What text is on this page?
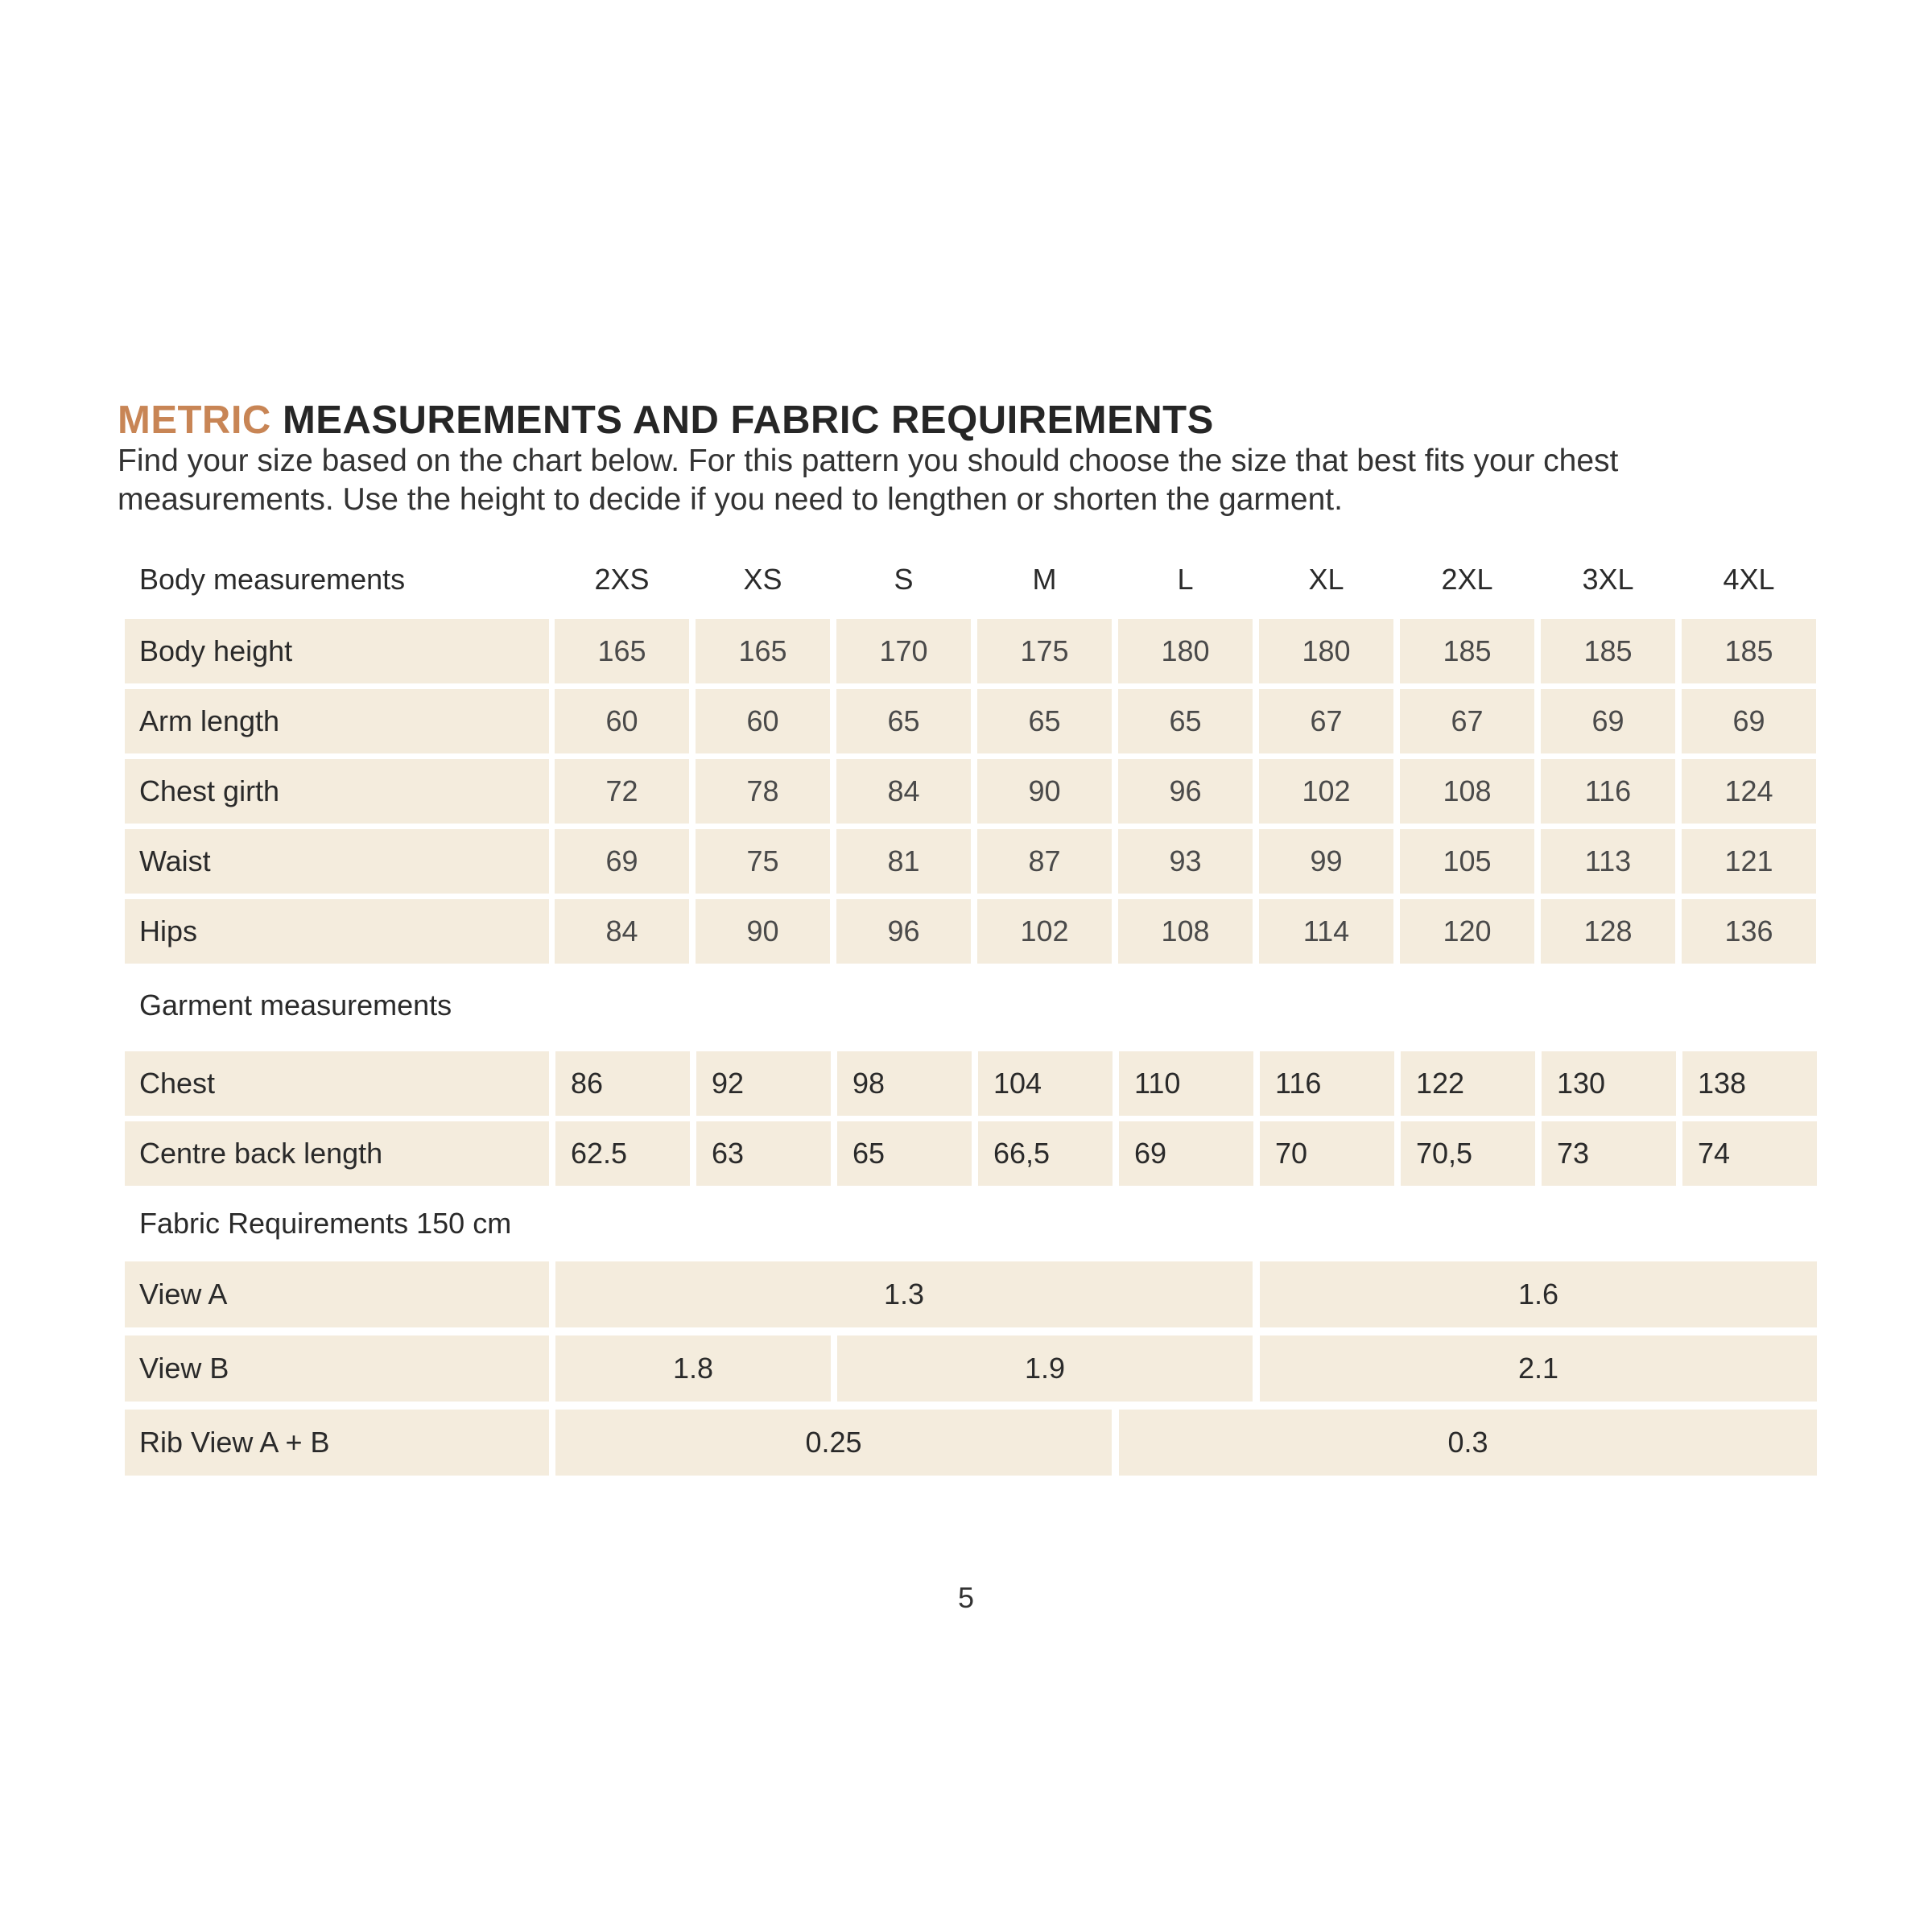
METRIC MEASUREMENTS AND FABRIC REQUIREMENTS

Find your size based on the chart below. For this pattern you should choose the size that best fits your chest
measurements. Use the height to decide if you need to lengthen or shorten the garment.

Body measurements	2XS	XS	S	M	L	XL	2XL	3XL	4XL
Body height	165	165	170	175	180	180	185	185	185
Arm length	60	60	65	65	65	67	67	69	69
Chest girth	72	78	84	90	96	102	108	116	124
Waist	69	75	81	87	93	99	105	113	121
Hips	84	90	96	102	108	114	120	128	136
Garment measurements
Chest	86	92	98	104	110	116	122	130	138
Centre back length	62.5	63	65	66,5	69	70	70,5	73	74
Fabric Requirements 150 cm
View A	1.3	1.6
View B	1.8	1.9	2.1
Rib View A + B	0.25	0.3
5
